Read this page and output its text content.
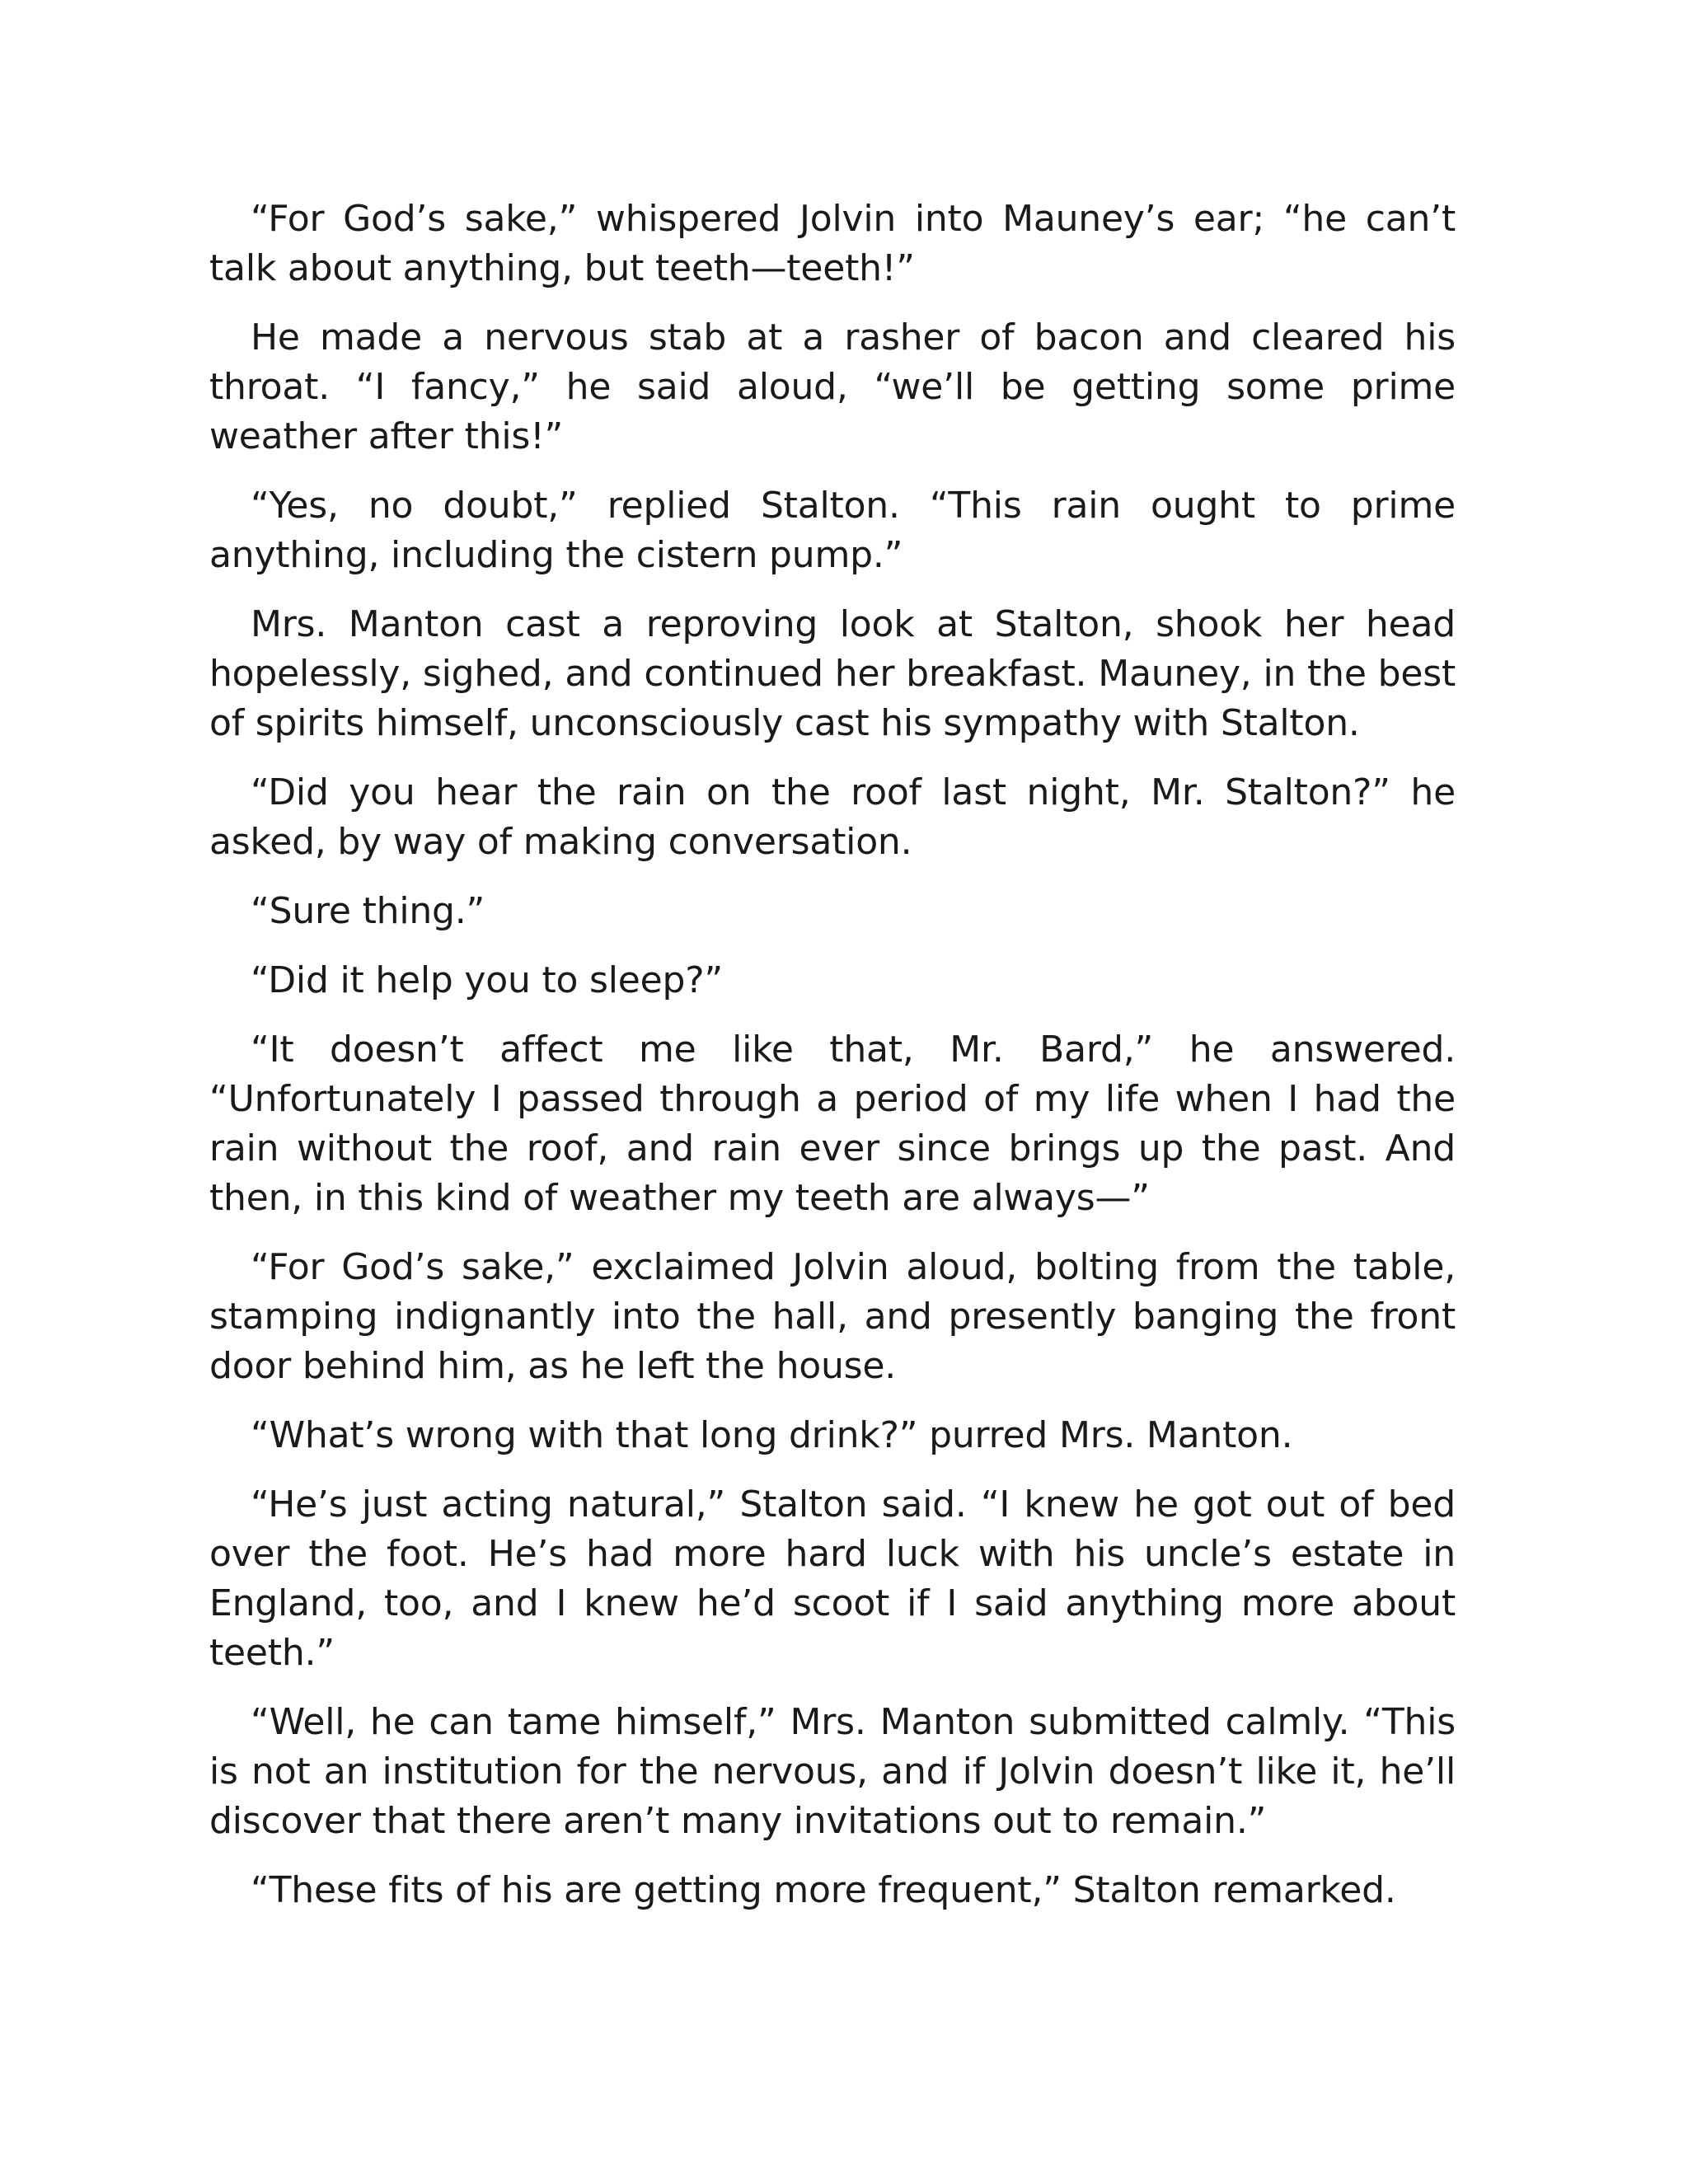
“For God’s sake,” whispered Jolvin into Mauney’s ear; “he can’t talk about anything, but teeth—teeth!”

He made a nervous stab at a rasher of bacon and cleared his throat. “I fancy,” he said aloud, “we’ll be getting some prime weather after this!”

“Yes, no doubt,” replied Stalton. “This rain ought to prime anything, including the cistern pump.”

Mrs. Manton cast a reproving look at Stalton, shook her head hopelessly, sighed, and continued her breakfast. Mauney, in the best of spirits himself, unconsciously cast his sympathy with Stalton.

“Did you hear the rain on the roof last night, Mr. Stalton?” he asked, by way of making conversation.

“Sure thing.”

“Did it help you to sleep?”

“It doesn’t affect me like that, Mr. Bard,” he answered. “Unfortunately I passed through a period of my life when I had the rain without the roof, and rain ever since brings up the past. And then, in this kind of weather my teeth are always—”

“For God’s sake,” exclaimed Jolvin aloud, bolting from the table, stamping indignantly into the hall, and presently banging the front door behind him, as he left the house.

“What’s wrong with that long drink?” purred Mrs. Manton.

“He’s just acting natural,” Stalton said. “I knew he got out of bed over the foot. He’s had more hard luck with his uncle’s estate in England, too, and I knew he’d scoot if I said anything more about teeth.”

“Well, he can tame himself,” Mrs. Manton submitted calmly. “This is not an institution for the nervous, and if Jolvin doesn’t like it, he’ll discover that there aren’t many invitations out to remain.”

“These fits of his are getting more frequent,” Stalton remarked.
